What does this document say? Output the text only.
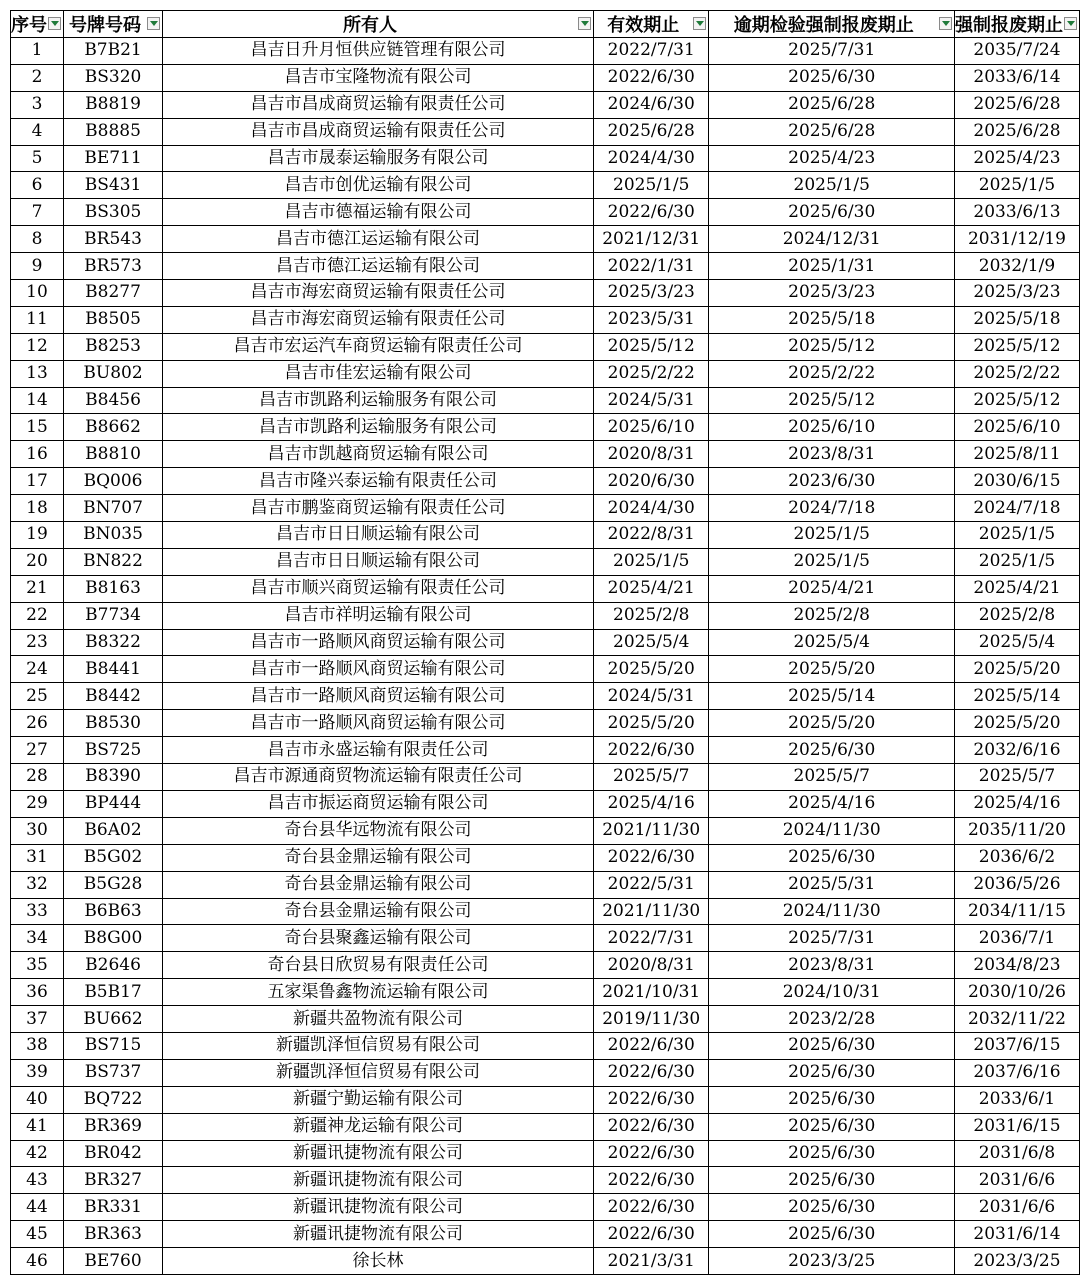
序号	号牌号码	所有人	有效期止	逾期检验强制报废期止	强制报废期止

1	B7B21	昌吉日升月恒供应链管理有限公司	2022/7/31	2025/7/31	2035/7/24
2	BS320	昌吉市宝隆物流有限公司	2022/6/30	2025/6/30	2033/6/14
3	B8819	昌吉市昌成商贸运输有限责任公司	2024/6/30	2025/6/28	2025/6/28
4	B8885	昌吉市昌成商贸运输有限责任公司	2025/6/28	2025/6/28	2025/6/28
5	BE711	昌吉市晟泰运输服务有限公司	2024/4/30	2025/4/23	2025/4/23
6	BS431	昌吉市创优运输有限公司	2025/1/5	2025/1/5	2025/1/5
7	BS305	昌吉市德福运输有限公司	2022/6/30	2025/6/30	2033/6/13
8	BR543	昌吉市德江运运输有限公司	2021/12/31	2024/12/31	2031/12/19
9	BR573	昌吉市德江运运输有限公司	2022/1/31	2025/1/31	2032/1/9
10	B8277	昌吉市海宏商贸运输有限责任公司	2025/3/23	2025/3/23	2025/3/23
11	B8505	昌吉市海宏商贸运输有限责任公司	2023/5/31	2025/5/18	2025/5/18
12	B8253	昌吉市宏运汽车商贸运输有限责任公司	2025/5/12	2025/5/12	2025/5/12
13	BU802	昌吉市佳宏运输有限公司	2025/2/22	2025/2/22	2025/2/22
14	B8456	昌吉市凯路利运输服务有限公司	2024/5/31	2025/5/12	2025/5/12
15	B8662	昌吉市凯路利运输服务有限公司	2025/6/10	2025/6/10	2025/6/10
16	B8810	昌吉市凯越商贸运输有限公司	2020/8/31	2023/8/31	2025/8/11
17	BQ006	昌吉市隆兴泰运输有限责任公司	2020/6/30	2023/6/30	2030/6/15
18	BN707	昌吉市鹏鉴商贸运输有限责任公司	2024/4/30	2024/7/18	2024/7/18
19	BN035	昌吉市日日顺运输有限公司	2022/8/31	2025/1/5	2025/1/5
20	BN822	昌吉市日日顺运输有限公司	2025/1/5	2025/1/5	2025/1/5
21	B8163	昌吉市顺兴商贸运输有限责任公司	2025/4/21	2025/4/21	2025/4/21
22	B7734	昌吉市祥明运输有限公司	2025/2/8	2025/2/8	2025/2/8
23	B8322	昌吉市一路顺风商贸运输有限公司	2025/5/4	2025/5/4	2025/5/4
24	B8441	昌吉市一路顺风商贸运输有限公司	2025/5/20	2025/5/20	2025/5/20
25	B8442	昌吉市一路顺风商贸运输有限公司	2024/5/31	2025/5/14	2025/5/14
26	B8530	昌吉市一路顺风商贸运输有限公司	2025/5/20	2025/5/20	2025/5/20
27	BS725	昌吉市永盛运输有限责任公司	2022/6/30	2025/6/30	2032/6/16
28	B8390	昌吉市源通商贸物流运输有限责任公司	2025/5/7	2025/5/7	2025/5/7
29	BP444	昌吉市振运商贸运输有限公司	2025/4/16	2025/4/16	2025/4/16
30	B6A02	奇台县华远物流有限公司	2021/11/30	2024/11/30	2035/11/20
31	B5G02	奇台县金鼎运输有限公司	2022/6/30	2025/6/30	2036/6/2
32	B5G28	奇台县金鼎运输有限公司	2022/5/31	2025/5/31	2036/5/26
33	B6B63	奇台县金鼎运输有限公司	2021/11/30	2024/11/30	2034/11/15
34	B8G00	奇台县聚鑫运输有限公司	2022/7/31	2025/7/31	2036/7/1
35	B2646	奇台县日欣贸易有限责任公司	2020/8/31	2023/8/31	2034/8/23
36	B5B17	五家渠鲁鑫物流运输有限公司	2021/10/31	2024/10/31	2030/10/26
37	BU662	新疆共盈物流有限公司	2019/11/30	2023/2/28	2032/11/22
38	BS715	新疆凯泽恒信贸易有限公司	2022/6/30	2025/6/30	2037/6/15
39	BS737	新疆凯泽恒信贸易有限公司	2022/6/30	2025/6/30	2037/6/16
40	BQ722	新疆宁勤运输有限公司	2022/6/30	2025/6/30	2033/6/1
41	BR369	新疆神龙运输有限公司	2022/6/30	2025/6/30	2031/6/15
42	BR042	新疆讯捷物流有限公司	2022/6/30	2025/6/30	2031/6/8
43	BR327	新疆讯捷物流有限公司	2022/6/30	2025/6/30	2031/6/6
44	BR331	新疆讯捷物流有限公司	2022/6/30	2025/6/30	2031/6/6
45	BR363	新疆讯捷物流有限公司	2022/6/30	2025/6/30	2031/6/14
46	BE760	徐长林	2021/3/31	2023/3/25	2023/3/25
